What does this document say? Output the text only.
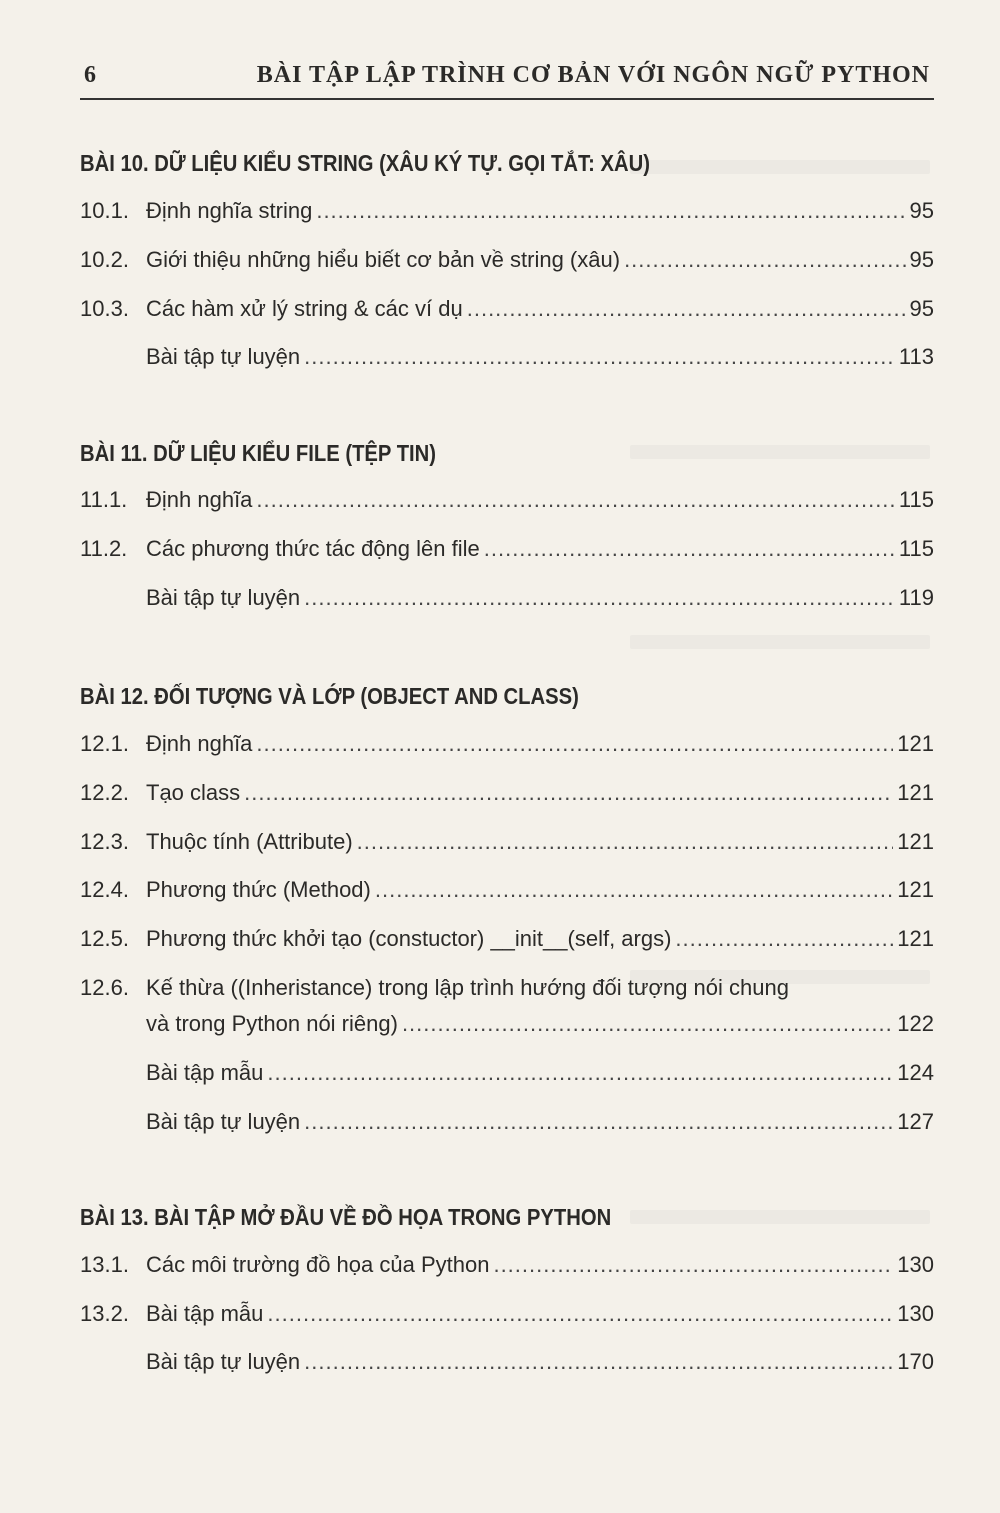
6	BÀI TẬP LẬP TRÌNH CƠ BẢN VỚI NGÔN NGỮ PYTHON
BÀI 10. DỮ LIỆU KIỂU STRING (XÂU KÝ TỰ. GỌI TẮT: XÂU)
10.1. Định nghĩa string .....	95
10.2. Giới thiệu những hiểu biết cơ bản về string (xâu) .....	95
10.3. Các hàm xử lý string & các ví dụ .....	95
Bài tập tự luyện .....	113
BÀI 11. DỮ LIỆU KIỂU FILE (TỆP TIN)
11.1. Định nghĩa .....	115
11.2. Các phương thức tác động lên file .....	115
Bài tập tự luyện .....	119
BÀI 12. ĐỐI TƯỢNG VÀ LỚP (OBJECT AND CLASS)
12.1. Định nghĩa .....	121
12.2. Tạo class .....	121
12.3. Thuộc tính (Attribute) .....	121
12.4. Phương thức (Method) .....	121
12.5. Phương thức khởi tạo (constuctor) __init__(self, args) .....	121
12.6. Kế thừa ((Inheristance) trong lập trình hướng đối tượng nói chung
và trong Python nói riêng) .....	122
Bài tập mẫu .....	124
Bài tập tự luyện .....	127
BÀI 13. BÀI TẬP MỞ ĐẦU VỀ ĐỒ HỌA TRONG PYTHON
13.1. Các môi trường đồ họa của Python .....	130
13.2. Bài tập mẫu .....	130
Bài tập tự luyện .....	170
